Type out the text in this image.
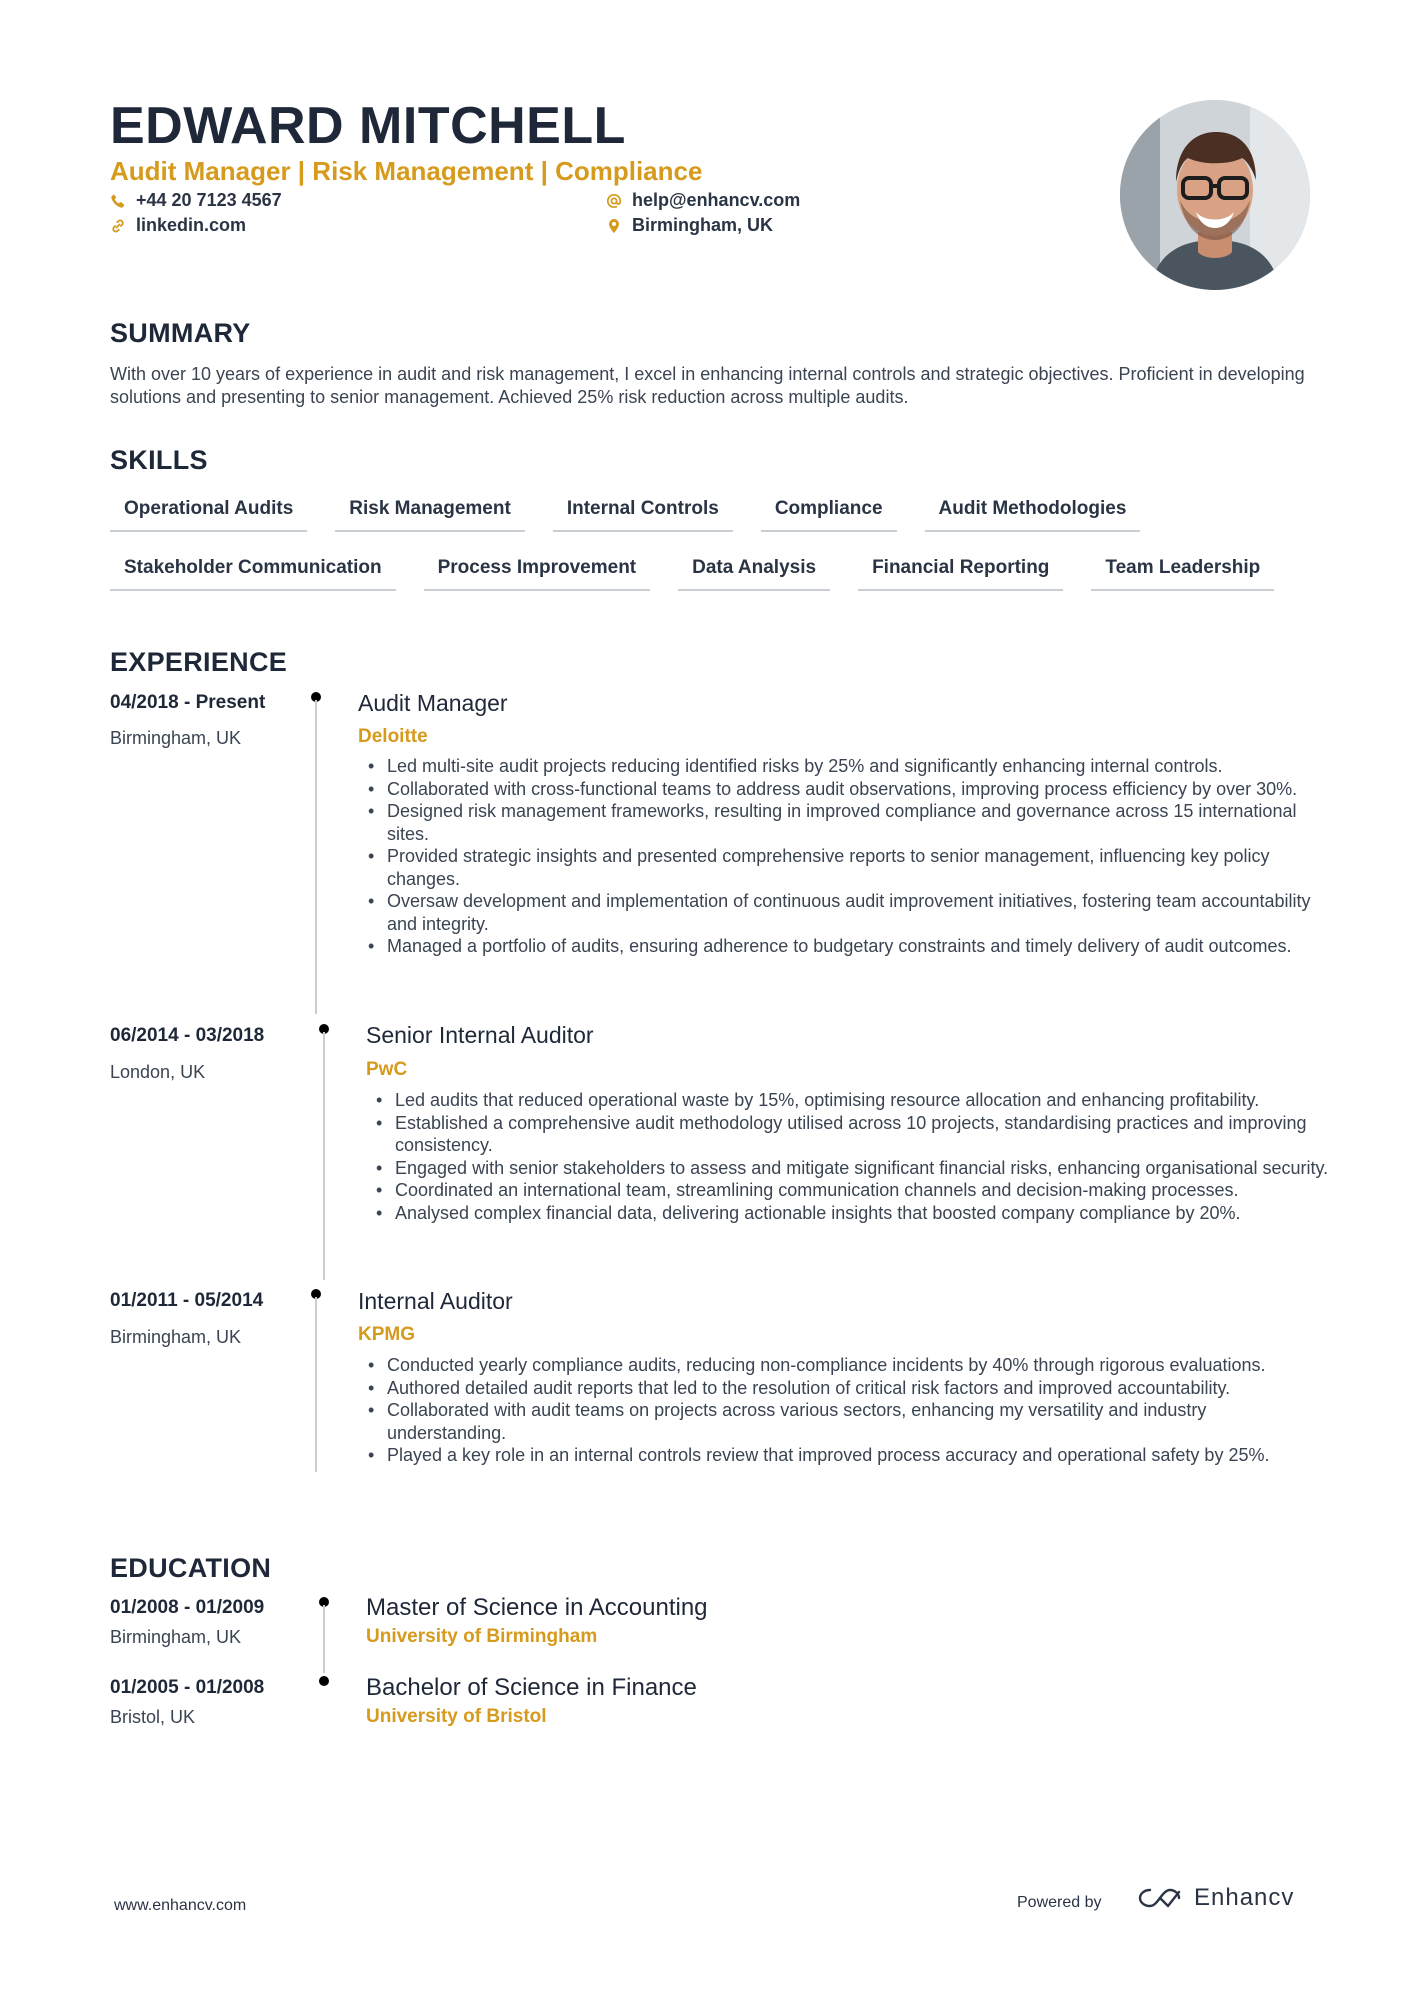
EDWARD MITCHELL
Audit Manager | Risk Management | Compliance
+44 20 7123 4567
linkedin.com
help@enhancv.com
Birmingham, UK
SUMMARY
With over 10 years of experience in audit and risk management, I excel in enhancing internal controls and strategic objectives. Proficient in developing solutions and presenting to senior management. Achieved 25% risk reduction across multiple audits.
SKILLS
Operational Audits	Risk Management	Internal Controls	Compliance	Audit Methodologies
Stakeholder Communication	Process Improvement	Data Analysis	Financial Reporting	Team Leadership
EXPERIENCE
04/2018 - Present
Birmingham, UK
Audit Manager
Deloitte
• Led multi-site audit projects reducing identified risks by 25% and significantly enhancing internal controls.
• Collaborated with cross-functional teams to address audit observations, improving process efficiency by over 30%.
• Designed risk management frameworks, resulting in improved compliance and governance across 15 international sites.
• Provided strategic insights and presented comprehensive reports to senior management, influencing key policy changes.
• Oversaw development and implementation of continuous audit improvement initiatives, fostering team accountability and integrity.
• Managed a portfolio of audits, ensuring adherence to budgetary constraints and timely delivery of audit outcomes.
06/2014 - 03/2018
London, UK
Senior Internal Auditor
PwC
• Led audits that reduced operational waste by 15%, optimising resource allocation and enhancing profitability.
• Established a comprehensive audit methodology utilised across 10 projects, standardising practices and improving consistency.
• Engaged with senior stakeholders to assess and mitigate significant financial risks, enhancing organisational security.
• Coordinated an international team, streamlining communication channels and decision-making processes.
• Analysed complex financial data, delivering actionable insights that boosted company compliance by 20%.
01/2011 - 05/2014
Birmingham, UK
Internal Auditor
KPMG
• Conducted yearly compliance audits, reducing non-compliance incidents by 40% through rigorous evaluations.
• Authored detailed audit reports that led to the resolution of critical risk factors and improved accountability.
• Collaborated with audit teams on projects across various sectors, enhancing my versatility and industry understanding.
• Played a key role in an internal controls review that improved process accuracy and operational safety by 25%.
EDUCATION
01/2008 - 01/2009
Birmingham, UK
Master of Science in Accounting
University of Birmingham
01/2005 - 01/2008
Bristol, UK
Bachelor of Science in Finance
University of Bristol
www.enhancv.com	Powered by	Enhancv
